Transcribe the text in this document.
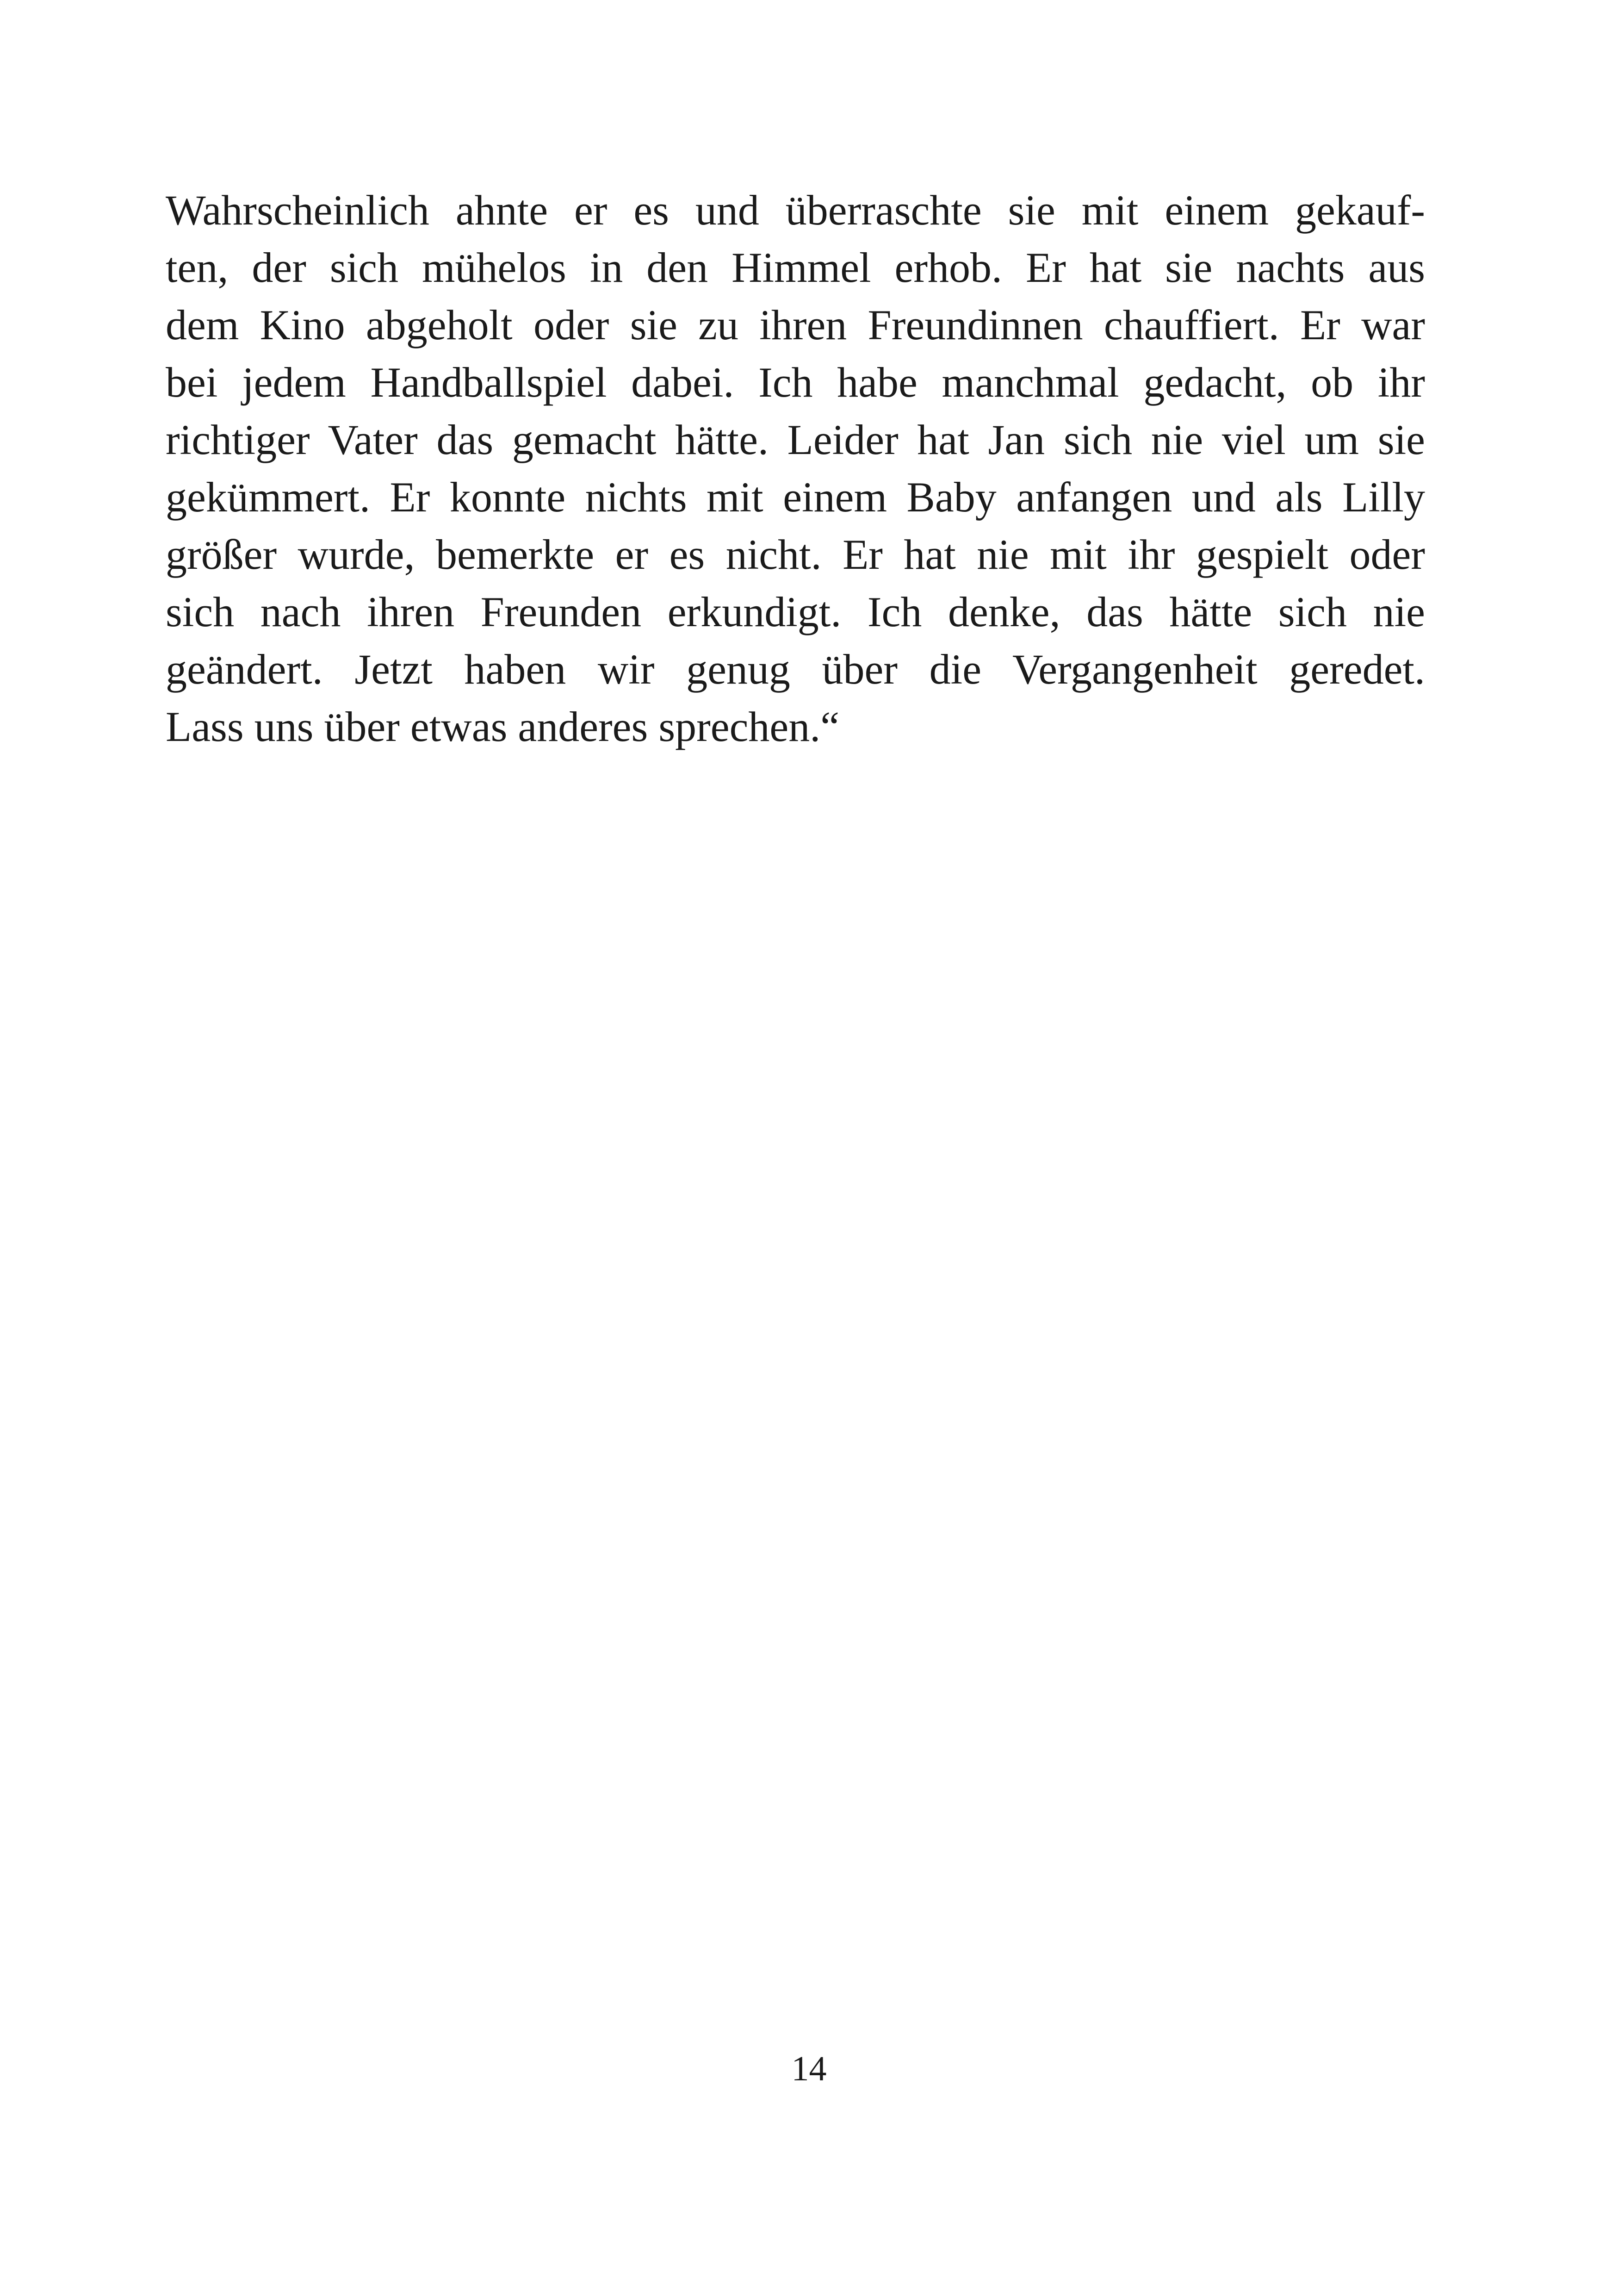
Wahrscheinlich ahnte er es und überraschte sie mit einem gekauf-
ten, der sich mühelos in den Himmel erhob. Er hat sie nachts aus
dem Kino abgeholt oder sie zu ihren Freundinnen chauffiert. Er war
bei jedem Handballspiel dabei. Ich habe manchmal gedacht, ob ihr
richtiger Vater das gemacht hätte. Leider hat Jan sich nie viel um sie
gekümmert. Er konnte nichts mit einem Baby anfangen und als Lilly
größer wurde, bemerkte er es nicht. Er hat nie mit ihr gespielt oder
sich nach ihren Freunden erkundigt. Ich denke, das hätte sich nie
geändert. Jetzt haben wir genug über die Vergangenheit geredet.
Lass uns über etwas anderes sprechen.“
14
